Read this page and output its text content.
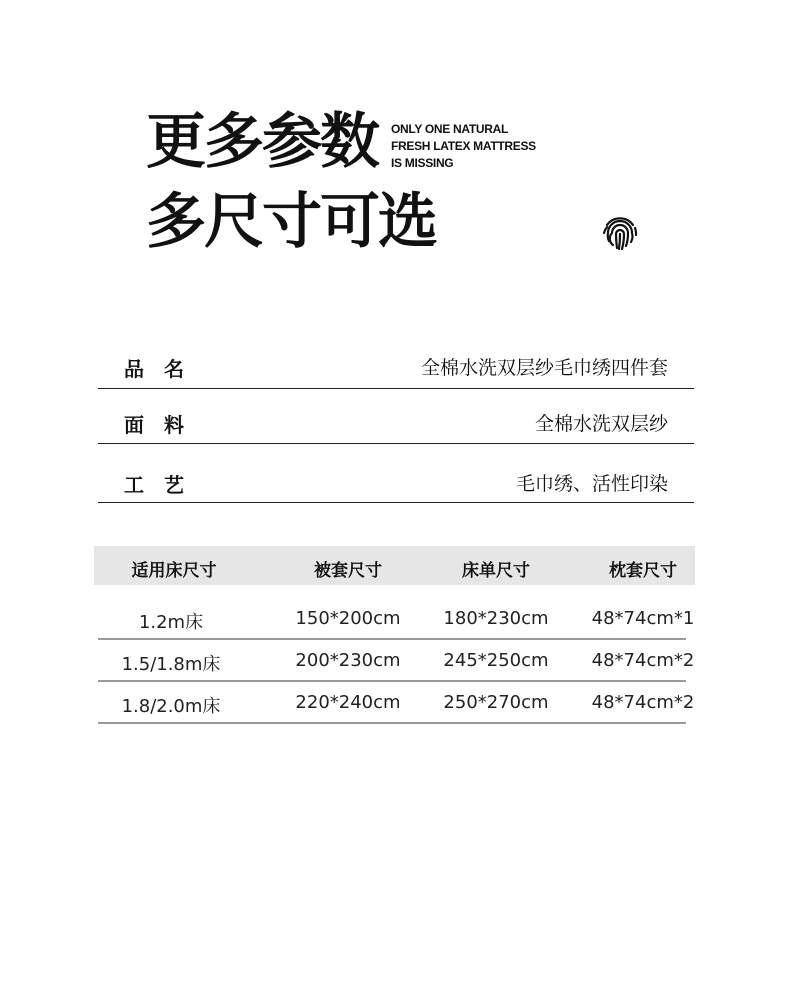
更多参数
多尺寸可选
ONLY ONE NATURAL
FRESH LATEX MATTRESS
IS MISSING
品　名	全棉水洗双层纱毛巾绣四件套
面　料	全棉水洗双层纱
工　艺	毛巾绣、活性印染
适用床尺寸	被套尺寸	床单尺寸	枕套尺寸
1.2m床	150*200cm	180*230cm	48*74cm*1
1.5/1.8m床	200*230cm	245*250cm	48*74cm*2
1.8/2.0m床	220*240cm	250*270cm	48*74cm*2
